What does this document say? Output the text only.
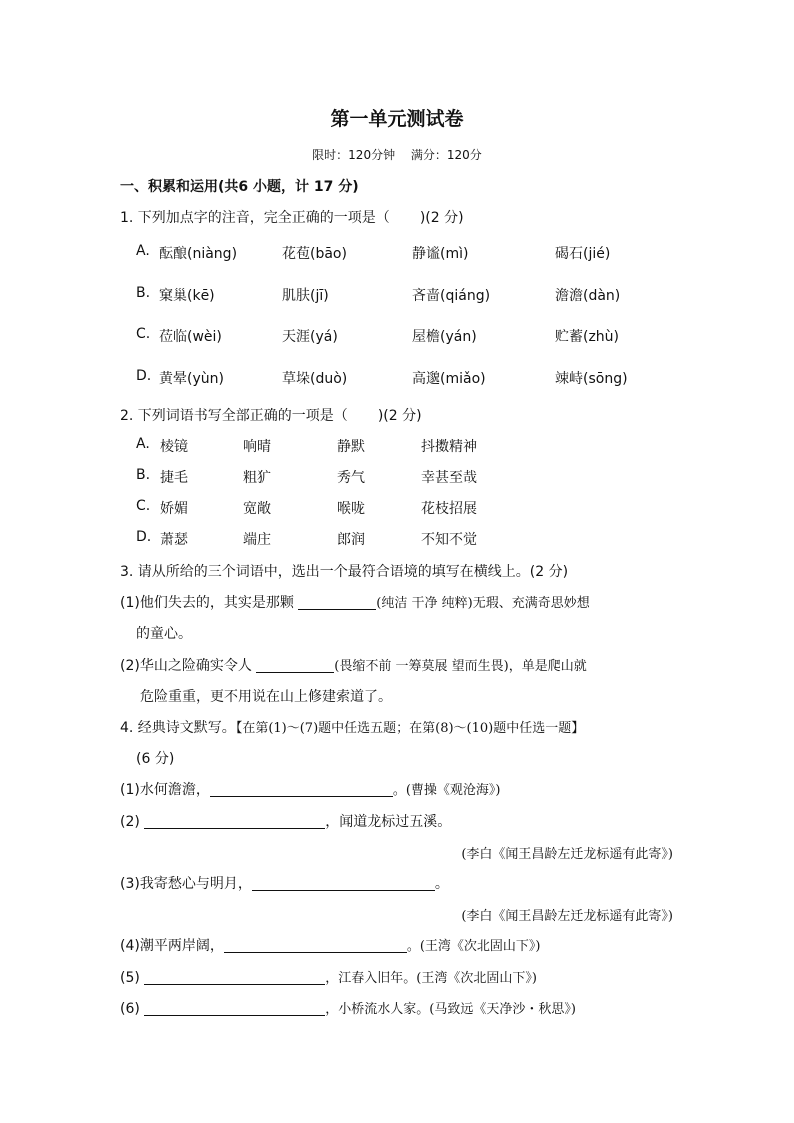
第一单元测试卷
限时：120分钟 满分：120分
一、积累和运用(共6 小题，计 17 分)
1. 下列加点字的注音，完全正确的一项是（ )(2 分)
A. 酝酿(niàng)	花苞(bāo)	静谧(mì)	碣石(jié)
B. 窠巢(kē)	肌肤(jī)	吝啬(qiáng)	澹澹(dàn)
C. 莅临(wèi)	天涯(yá)	屋檐(yán)	贮蓄(zhù)
D. 黄晕(yùn)	草垛(duò)	高邈(miǎo)	竦峙(sōng)
2. 下列词语书写全部正确的一项是（ )(2 分)
A. 棱镜	响晴	静默	抖擞精神
B. 捷毛	粗犷	秀气	幸甚至哉
C. 娇媚	宽敞	喉咙	花枝招展
D. 萧瑟	端庄	郎润	不知不觉
3. 请从所给的三个词语中，选出一个最符合语境的填写在横线上。(2 分)
(1)他们失去的，其实是那颗	(纯洁 干净 纯粹)无瑕、充满奇思妙想
的童心。
(2)华山之险确实令人	(畏缩不前 一筹莫展 望而生畏)，单是爬山就
危险重重，更不用说在山上修建索道了。
4. 经典诗文默写。【在第(1)～(7)题中任选五题；在第(8)～(10)题中任选一题】
(6 分)
(1)水何澹澹，	。(曹操《观沧海》)
(2)	，闻道龙标过五溪。
(李白《闻王昌龄左迁龙标遥有此寄》)
(3)我寄愁心与明月，	。
(李白《闻王昌龄左迁龙标遥有此寄》)
(4)潮平两岸阔，	。(王湾《次北固山下》)
(5)	，江春入旧年。(王湾《次北固山下》)
(6)	，小桥流水人家。(马致远《天净沙・秋思》)
